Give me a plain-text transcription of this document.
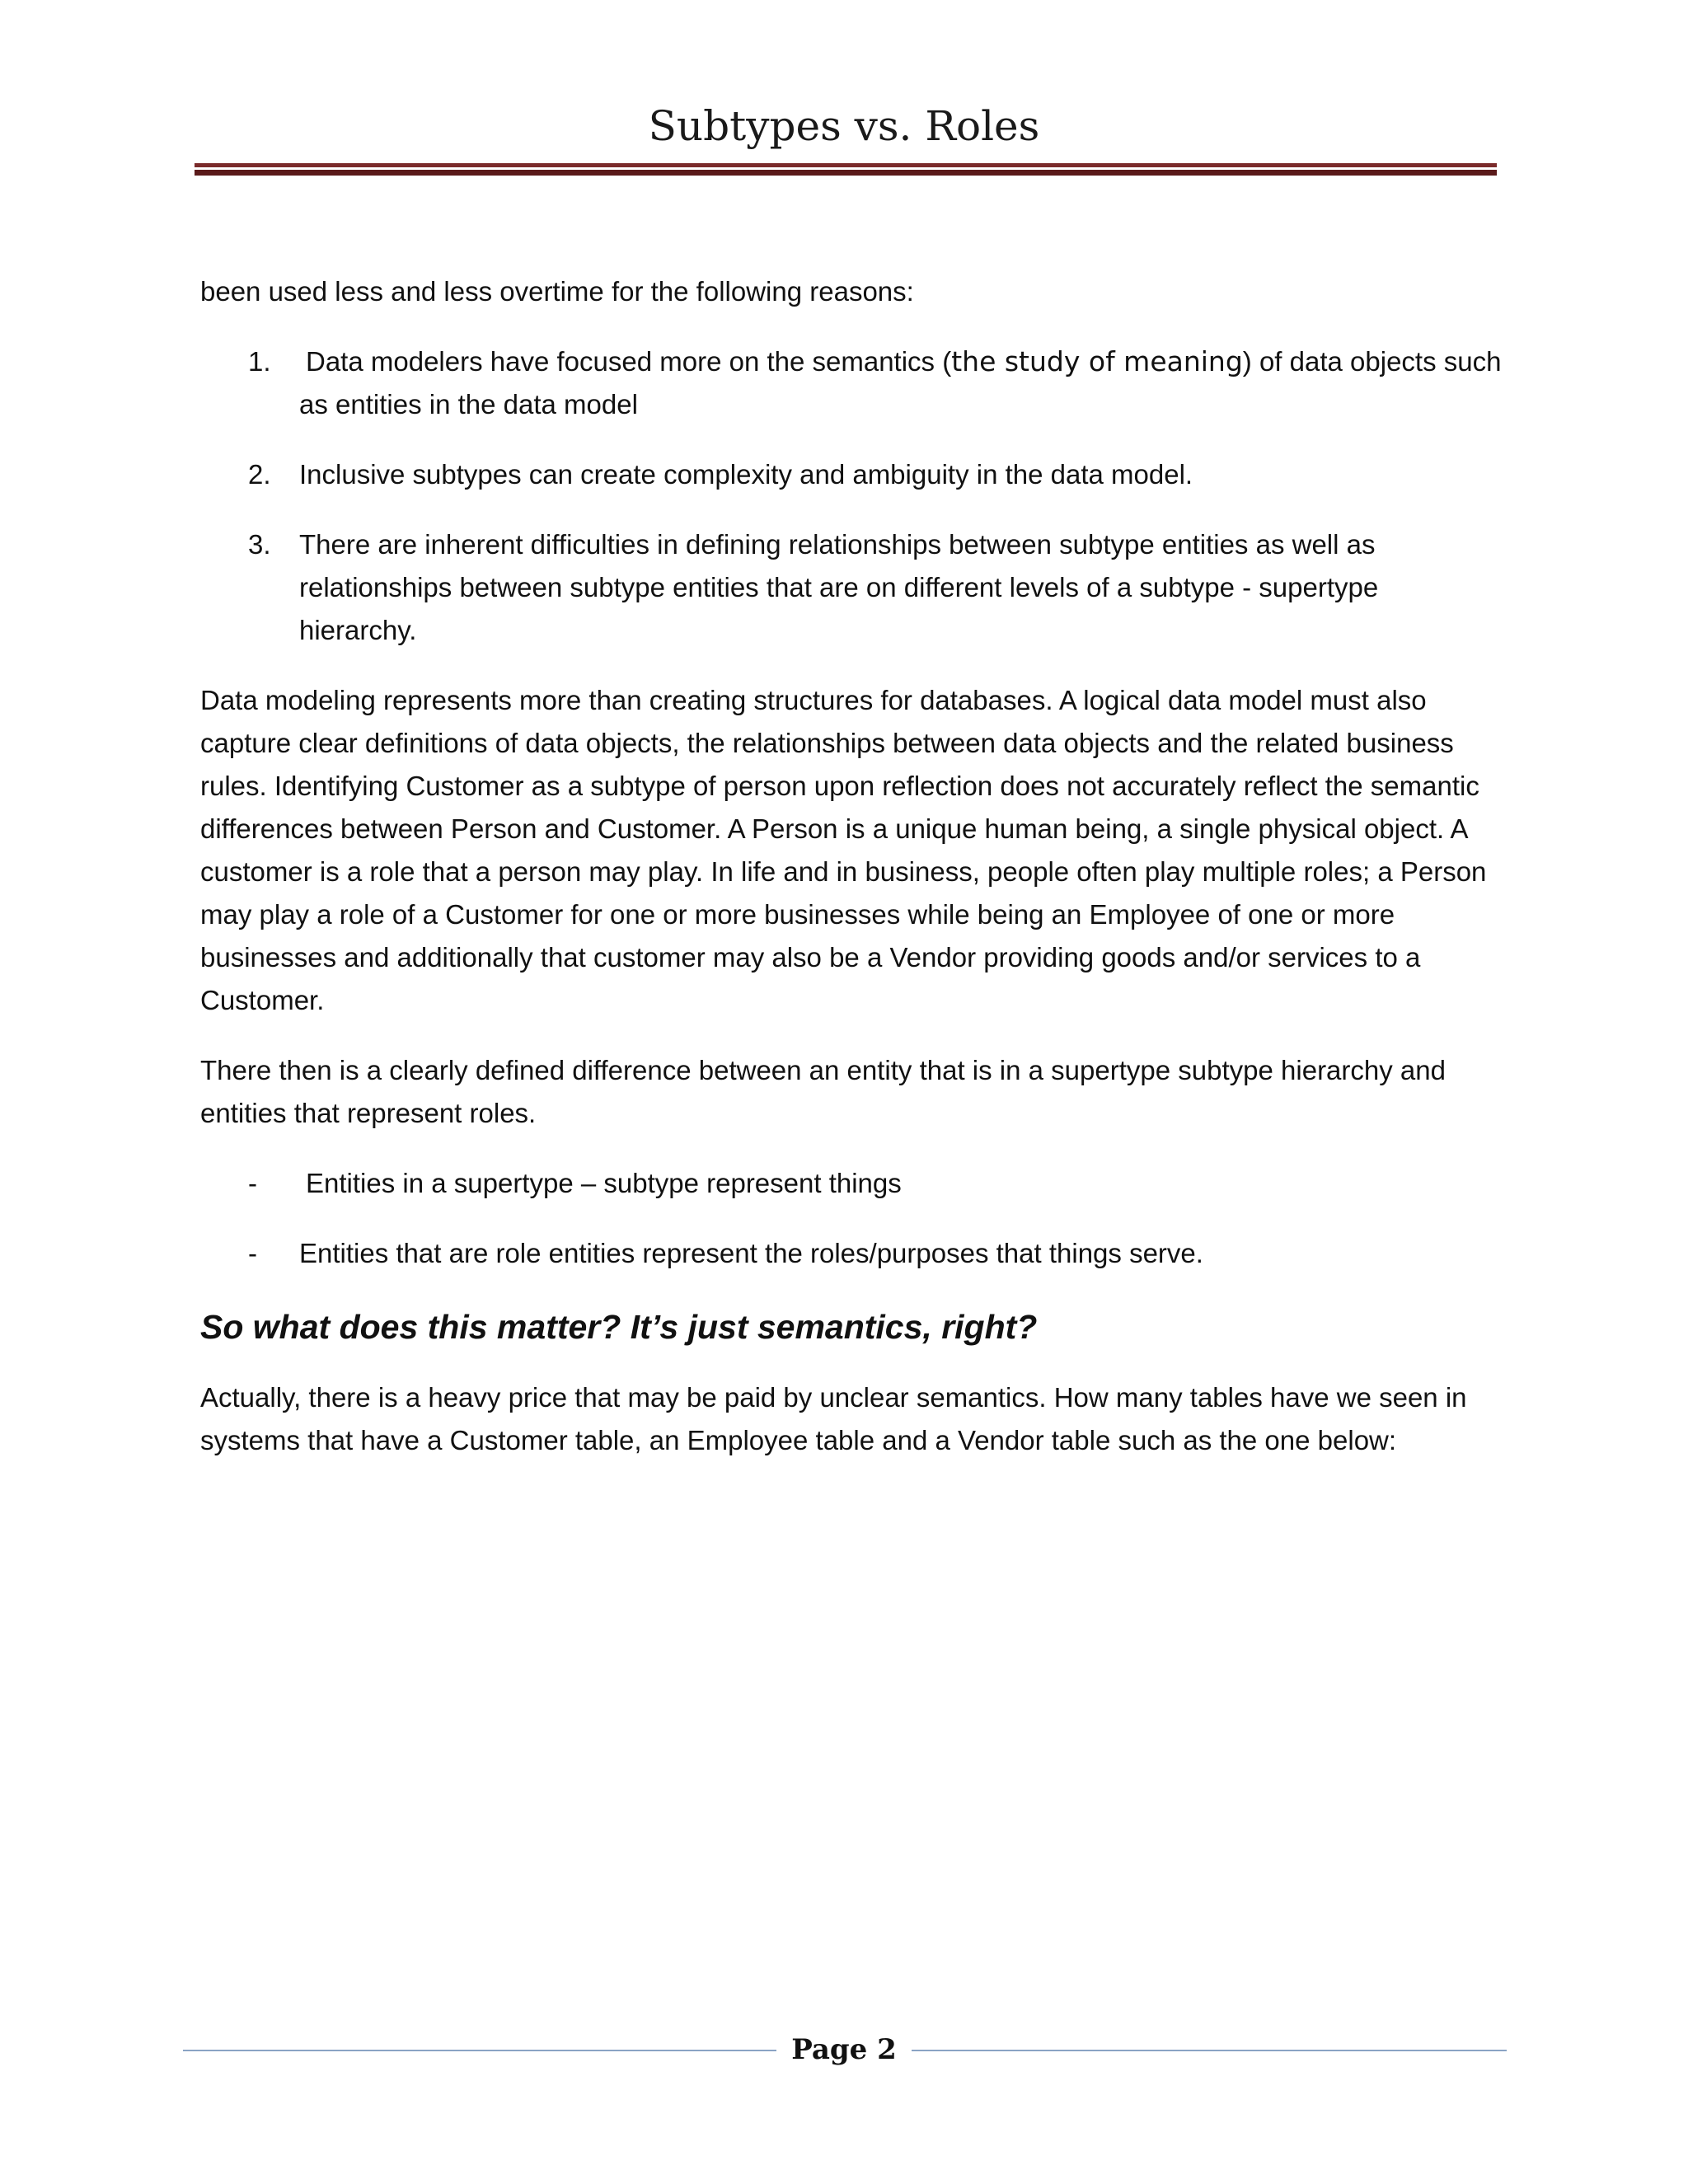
Subtypes vs. Roles

been used less and less overtime for the following reasons:

1. Data modelers have focused more on the semantics (the study of meaning) of data objects such as entities in the data model
2. Inclusive subtypes can create complexity and ambiguity in the data model.
3. There are inherent difficulties in defining relationships between subtype entities as well as relationships between subtype entities that are on different levels of a subtype - supertype hierarchy.

Data modeling represents more than creating structures for databases. A logical data model must also capture clear definitions of data objects, the relationships between data objects and the related business rules. Identifying Customer as a subtype of person upon reflection does not accurately reflect the semantic differences between Person and Customer. A Person is a unique human being, a single physical object. A customer is a role that a person may play. In life and in business, people often play multiple roles; a Person may play a role of a Customer for one or more businesses while being an Employee of one or more businesses and additionally that customer may also be a Vendor providing goods and/or services to a Customer.

There then is a clearly defined difference between an entity that is in a supertype subtype hierarchy and entities that represent roles.

- Entities in a supertype – subtype represent things
- Entities that are role entities represent the roles/purposes that things serve.
So what does this matter? It’s just semantics, right?

Actually, there is a heavy price that may be paid by unclear semantics. How many tables have we seen in systems that have a Customer table, an Employee table and a Vendor table such as the one below:

Page 2
